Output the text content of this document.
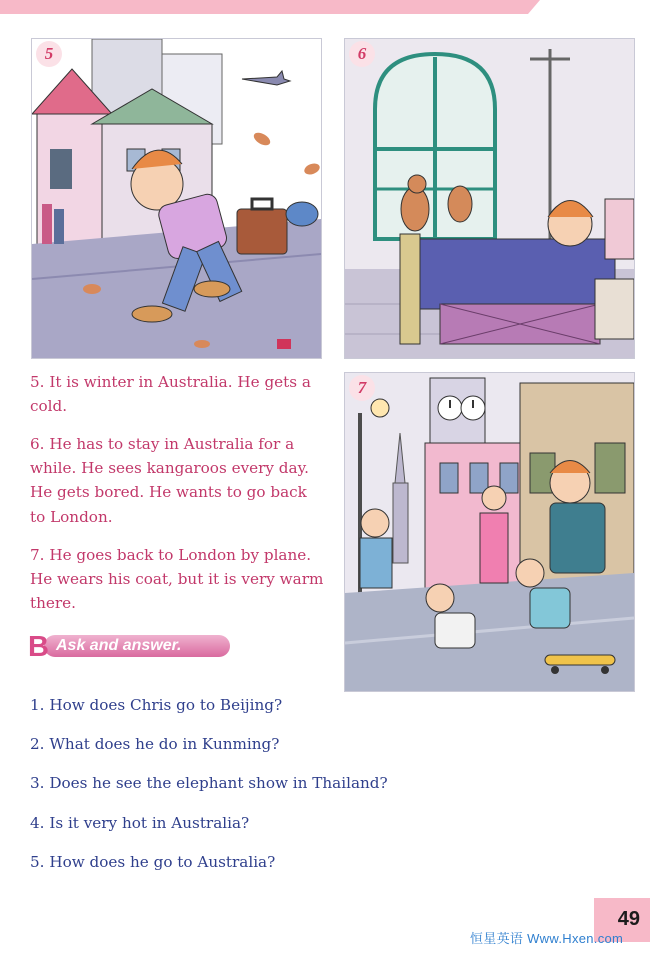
5	6
7
5. It is winter in Australia. He gets a cold.
6. He has to stay in Australia for a while. He sees kangaroos every day. He gets bored. He wants to go back to London.
7. He goes back to London by plane. He wears his coat, but it is very warm there.
Ask and answer.
B
1. How does Chris go to Beijing?
2. What does he do in Kunming?
3. Does he see the elephant show in Thailand?
4. Is it very hot in Australia?
5. How does he go to Australia?
49
恒星英语 Www.Hxen.com
